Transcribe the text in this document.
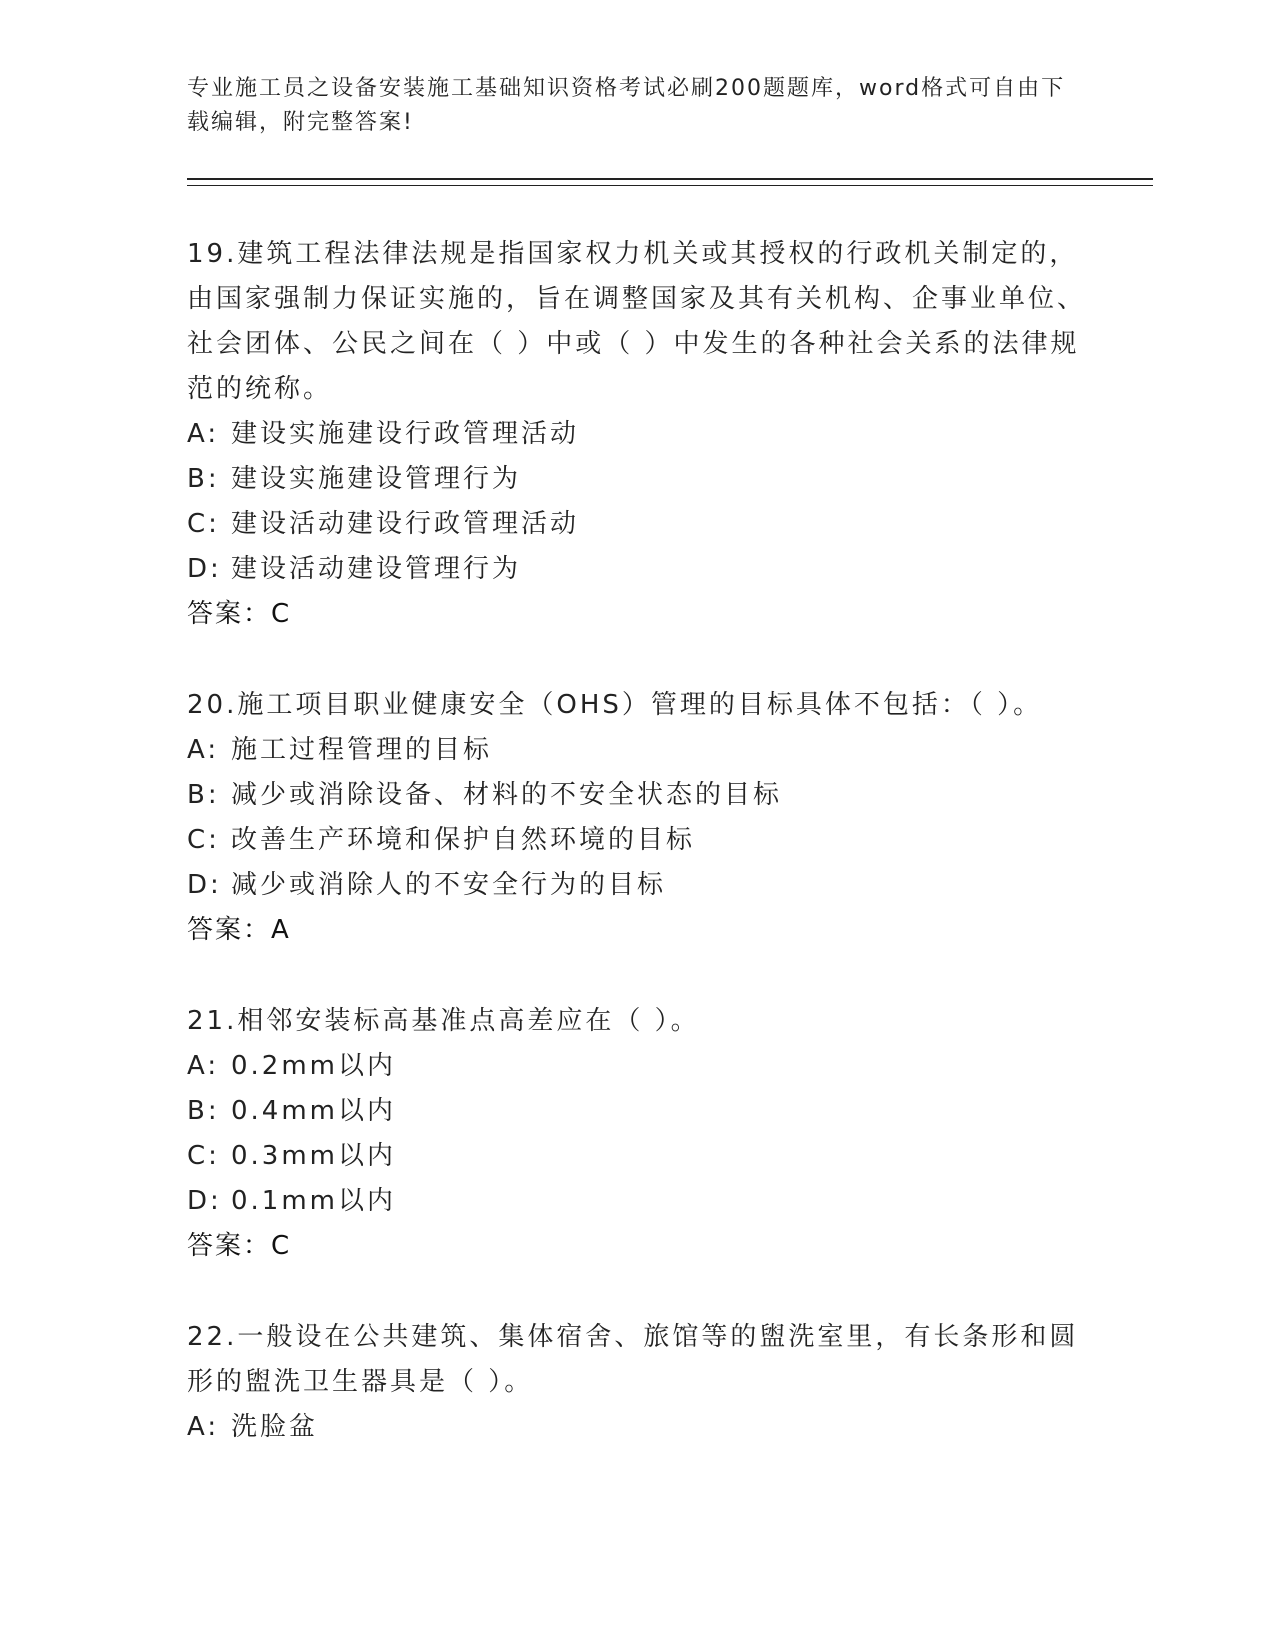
专业施工员之设备安装施工基础知识资格考试必刷200题题库，word格式可自由下载编辑，附完整答案!

19.建筑工程法律法规是指国家权力机关或其授权的行政机关制定的，由国家强制力保证实施的，旨在调整国家及其有关机构、企事业单位、社会团体、公民之间在（ ）中或（ ）中发生的各种社会关系的法律规范的统称。

A: 建设实施建设行政管理活动

B: 建设实施建设管理行为

C: 建设活动建设行政管理活动

D: 建设活动建设管理行为

答案：C

20.施工项目职业健康安全（OHS）管理的目标具体不包括：（ ）。

A: 施工过程管理的目标

B: 减少或消除设备、材料的不安全状态的目标

C: 改善生产环境和保护自然环境的目标

D: 减少或消除人的不安全行为的目标

答案：A

21.相邻安装标高基准点高差应在（ ）。

A: 0.2mm以内

B: 0.4mm以内

C: 0.3mm以内

D: 0.1mm以内

答案：C

22.一般设在公共建筑、集体宿舍、旅馆等的盥洗室里，有长条形和圆形的盥洗卫生器具是（ ）。

A: 洗脸盆
